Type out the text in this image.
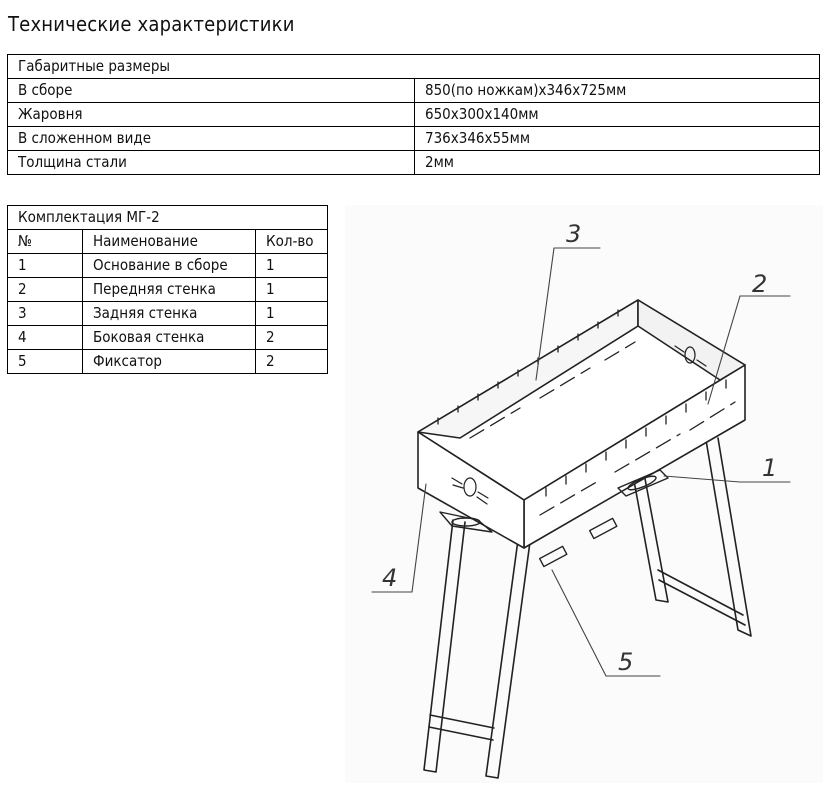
Технические характеристики
Габаритные размеры	
В сборе	850(по ножкам)x346x725мм
Жаровня	650x300x140мм
В сложенном виде	736x346x55мм
Толщина стали	2мм
Комплектация МГ-2		
№	Наименование	Кол-во
1	Основание в сборе	1
2	Передняя стенка	1
3	Задняя стенка	1
4	Боковая стенка	2
5	Фиксатор	2
3
2
1
4
5
